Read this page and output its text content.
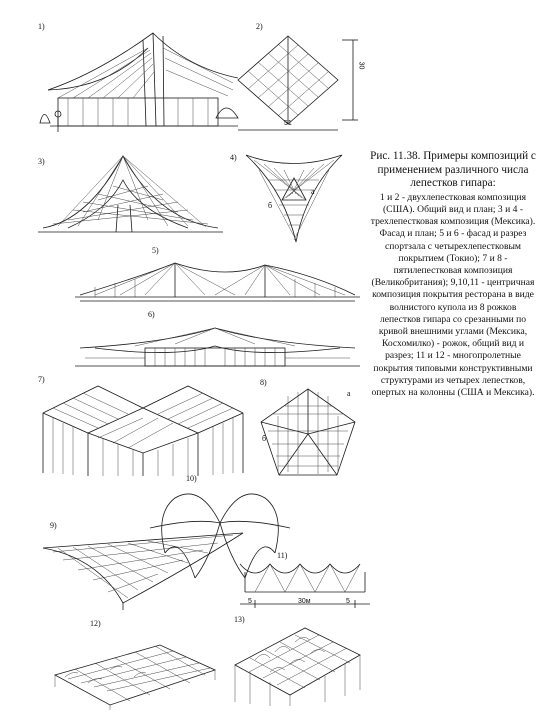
1)	2)
3)	4)
5)
6)
7)	8)
9)
10)
11)
12)	13)
51
30
а
б
а
б
30м
5	5
Рис. 11.38. Примеры композиций с применением различного числа лепестков гипара:
1 и 2 - двухлепестковая композиция (США). Общий вид и план; 3 и 4 - трехлепестковая композиция (Мексика). Фасад и план; 5 и 6 - фасад и разрез спортзала с четырехлепестковым покрытием (Токио); 7 и 8 - пятилепестковая композиция (Великобритания); 9,10,11 - центричная композиция покрытия ресторана в виде волнистого купола из 8 рожков лепестков гипара со срезанными по кривой внешними углами (Мексика, Косхомилко) - рожок, общий вид и разрез; 11 и 12 - многопролетные покрытия типовыми конструктивными структурами из четырех лепестков, опертых на колонны (США и Мексика).
